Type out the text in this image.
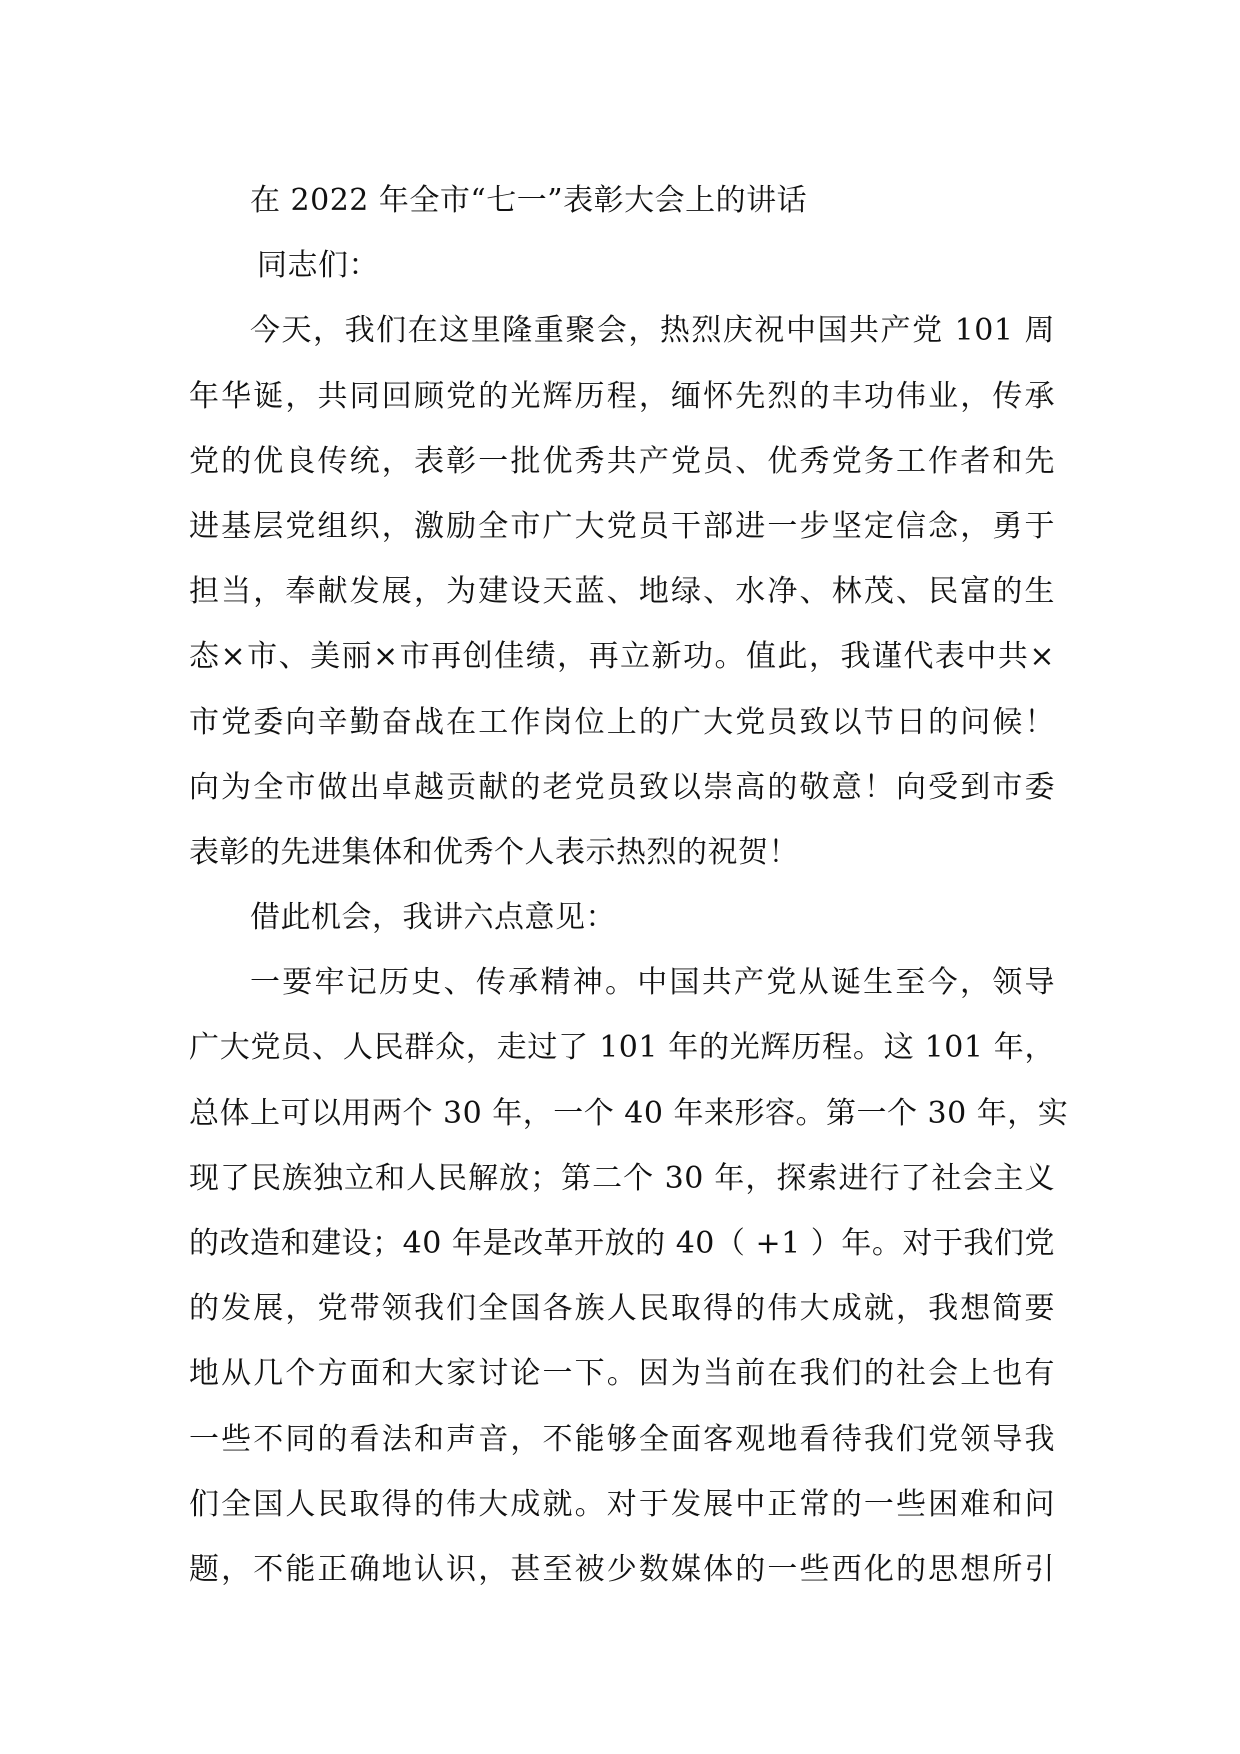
在 2022 年全市“七一”表彰大会上的讲话
同志们：
今天，我们在这里隆重聚会，热烈庆祝中国共产党 101 周
年华诞，共同回顾党的光辉历程，缅怀先烈的丰功伟业，传承
党的优良传统，表彰一批优秀共产党员、优秀党务工作者和先
进基层党组织，激励全市广大党员干部进一步坚定信念，勇于
担当，奉献发展，为建设天蓝、地绿、水净、林茂、民富的生
态×市、美丽×市再创佳绩，再立新功。值此，我谨代表中共×
市党委向辛勤奋战在工作岗位上的广大党员致以节日的问候！
向为全市做出卓越贡献的老党员致以崇高的敬意！向受到市委
表彰的先进集体和优秀个人表示热烈的祝贺！
借此机会，我讲六点意见：
一要牢记历史、传承精神。中国共产党从诞生至今，领导
广大党员、人民群众，走过了 101 年的光辉历程。这 101 年，
总体上可以用两个 30 年，一个 40 年来形容。第一个 30 年，实
现了民族独立和人民解放；第二个 30 年，探索进行了社会主义
的改造和建设；40 年是改革开放的 40（ +1 ）年。对于我们党
的发展，党带领我们全国各族人民取得的伟大成就，我想简要
地从几个方面和大家讨论一下。因为当前在我们的社会上也有
一些不同的看法和声音，不能够全面客观地看待我们党领导我
们全国人民取得的伟大成就。对于发展中正常的一些困难和问
题，不能正确地认识，甚至被少数媒体的一些西化的思想所引
